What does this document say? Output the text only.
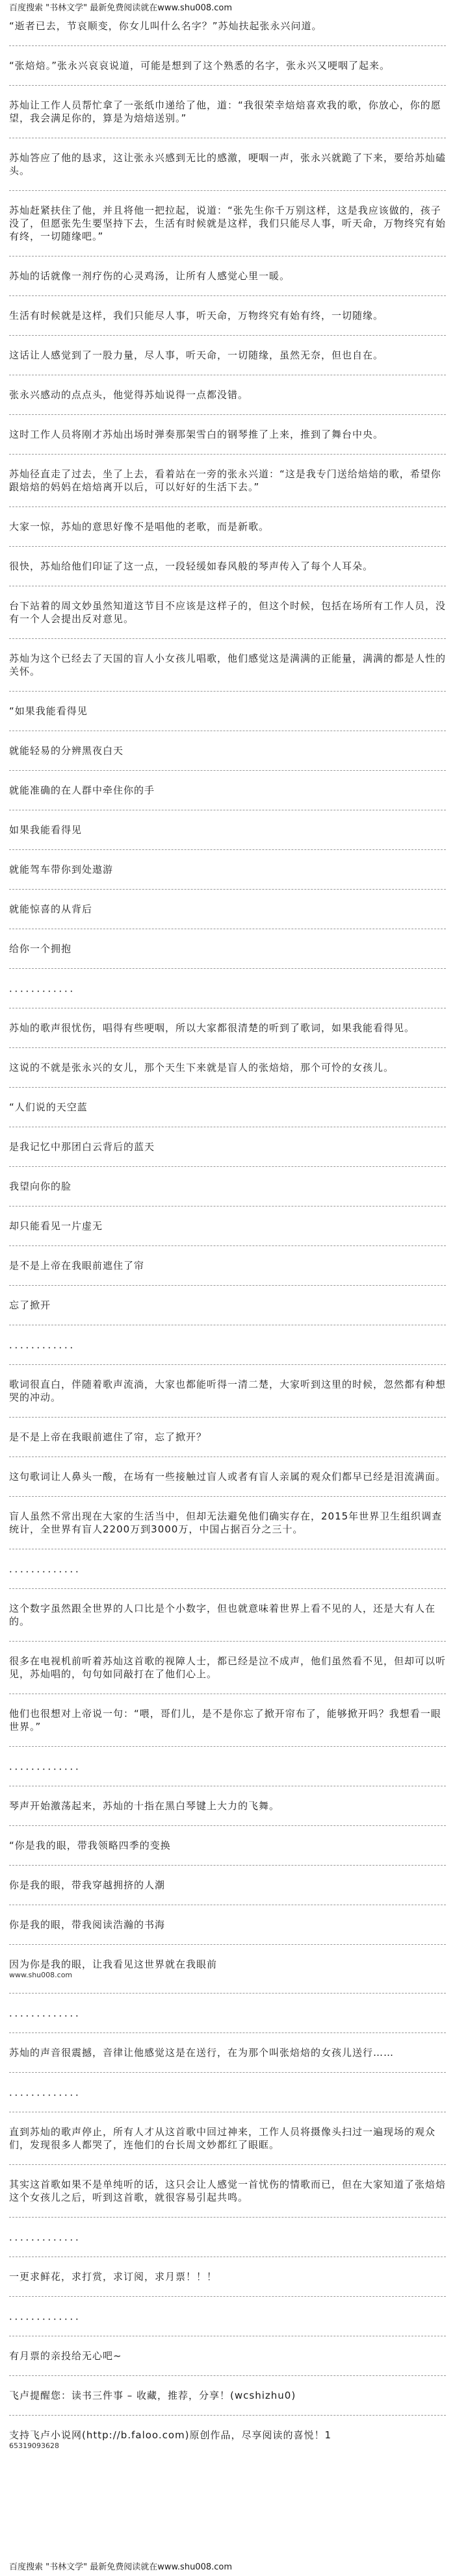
百度搜索 "书林文学" 最新免费阅读就在www.shu008.com
“逝者已去，节哀顺变，你女儿叫什么名字？”苏灿扶起张永兴问道。
“张焙焙。”张永兴哀哀说道，可能是想到了这个熟悉的名字，张永兴又哽咽了起来。
苏灿让工作人员帮忙拿了一张纸巾递给了他，道：“我很荣幸焙焙喜欢我的歌，你放心，你的愿望，我会满足你的，算是为焙焙送别。”
苏灿答应了他的恳求，这让张永兴感到无比的感激，哽咽一声，张永兴就跪了下来，要给苏灿磕头。
苏灿赶紧扶住了他，并且将他一把拉起，说道：“张先生你千万别这样，这是我应该做的，孩子没了，但愿张先生要坚持下去，生活有时候就是这样，我们只能尽人事，听天命，万物终究有始有终，一切随缘吧。”
苏灿的话就像一剂疗伤的心灵鸡汤，让所有人感觉心里一暖。
生活有时候就是这样，我们只能尽人事，听天命，万物终究有始有终，一切随缘。
这话让人感觉到了一股力量，尽人事，听天命，一切随缘，虽然无奈，但也自在。
张永兴感动的点点头，他觉得苏灿说得一点都没错。
这时工作人员将刚才苏灿出场时弹奏那架雪白的钢琴推了上来，推到了舞台中央。
苏灿径直走了过去，坐了上去，看着站在一旁的张永兴道：“这是我专门送给焙焙的歌，希望你跟焙焙的妈妈在焙焙离开以后，可以好好的生活下去。”
大家一惊，苏灿的意思好像不是唱他的老歌，而是新歌。
很快，苏灿给他们印证了这一点，一段轻缓如春风般的琴声传入了每个人耳朵。
台下站着的周文妙虽然知道这节目不应该是这样子的，但这个时候，包括在场所有工作人员，没有一个人会提出反对意见。
苏灿为这个已经去了天国的盲人小女孩儿唱歌，他们感觉这是满满的正能量，满满的都是人性的关怀。
“如果我能看得见
就能轻易的分辨黑夜白天
就能准确的在人群中牵住你的手
如果我能看得见
就能驾车带你到处遨游
就能惊喜的从背后
给你一个拥抱
．．．．．．．．．．．．
苏灿的歌声很忧伤，唱得有些哽咽，所以大家都很清楚的听到了歌词，如果我能看得见。
这说的不就是张永兴的女儿，那个天生下来就是盲人的张焙焙，那个可怜的女孩儿。
“人们说的天空蓝
是我记忆中那团白云背后的蓝天
我望向你的脸
却只能看见一片虚无
是不是上帝在我眼前遮住了帘
忘了掀开
．．．．．．．．．．．．
歌词很直白，伴随着歌声流淌，大家也都能听得一清二楚，大家听到这里的时候，忽然都有种想哭的冲动。
是不是上帝在我眼前遮住了帘，忘了掀开？
这句歌词让人鼻头一酸，在场有一些接触过盲人或者有盲人亲属的观众们都早已经是泪流满面。
盲人虽然不常出现在大家的生活当中，但却无法避免他们确实存在，2015年世界卫生组织调查统计，全世界有盲人2200万到3000万，中国占据百分之三十。
．．．．．．．．．．．．．
这个数字虽然跟全世界的人口比是个小数字，但也就意味着世界上看不见的人，还是大有人在的。
很多在电视机前听着苏灿这首歌的视障人士，都已经是泣不成声，他们虽然看不见，但却可以听见，苏灿唱的，句句如同敲打在了他们心上。
他们也很想对上帝说一句：“喂，哥们儿，是不是你忘了掀开帘布了，能够掀开吗？我想看一眼世界。”
．．．．．．．．．．．．．
琴声开始激荡起来，苏灿的十指在黑白琴键上大力的飞舞。
“你是我的眼，带我领略四季的变换
你是我的眼，带我穿越拥挤的人潮
你是我的眼，带我阅读浩瀚的书海
因为你是我的眼，让我看见这世界就在我眼前
www.shu008.com
．．．．．．．．．．．．．
苏灿的声音很震撼，音律让他感觉这是在送行，在为那个叫张焙焙的女孩儿送行……
．．．．．．．．．．．．．
直到苏灿的歌声停止，所有人才从这首歌中回过神来，工作人员将摄像头扫过一遍现场的观众们，发现很多人都哭了，连他们的台长周文妙都红了眼眶。
其实这首歌如果不是单纯听的话，这只会让人感觉一首忧伤的情歌而已，但在大家知道了张焙焙这个女孩儿之后，听到这首歌，就很容易引起共鸣。
．．．．．．．．．．．．．
一更求鲜花，求打赏，求订阅，求月票！！！
．．．．．．．．．．．．．
有月票的亲投给无心吧~
飞卢提醒您：读书三件事 – 收藏，推荐，分享！(wcshizhu0)
支持飞卢小说网(http://b.faloo.com)原创作品，尽享阅读的喜悦！1
65319093628
百度搜索 "书林文学" 最新免费阅读就在www.shu008.com
